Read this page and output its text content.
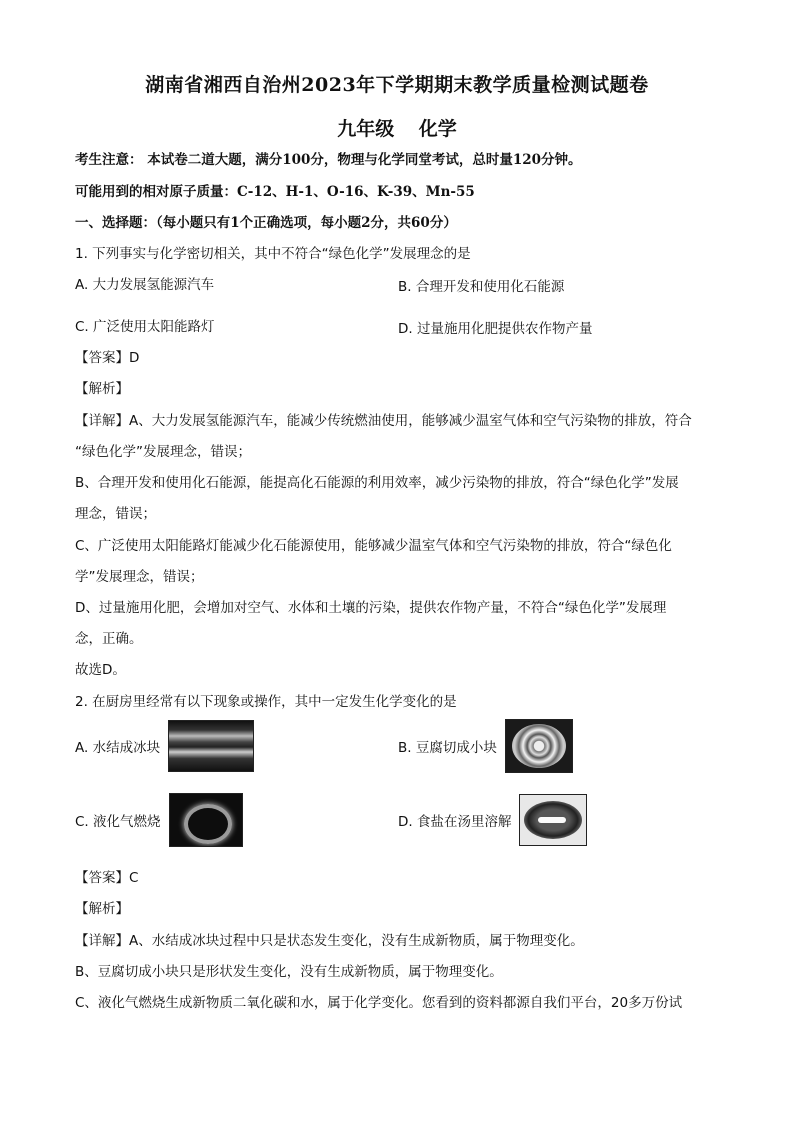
湖南省湘西自治州2023年下学期期末教学质量检测试题卷
九年级 化学
考生注意： 本试卷二道大题，满分100分，物理与化学同堂考试，总时量120分钟。
可能用到的相对原子质量：C-12、H-1、O-16、K-39、Mn-55
一、选择题：（每小题只有1个正确选项，每小题2分，共60分）
1. 下列事实与化学密切相关，其中不符合“绿色化学”发展理念的是
A. 大力发展氢能源汽车	B. 合理开发和使用化石能源
C. 广泛使用太阳能路灯	D. 过量施用化肥提供农作物产量
【答案】D
【解析】
【详解】A、大力发展氢能源汽车，能减少传统燃油使用，能够减少温室气体和空气污染物的排放，符合
“绿色化学”发展理念，错误；
B、合理开发和使用化石能源，能提高化石能源的利用效率，减少污染物的排放，符合“绿色化学”发展
理念，错误；
C、广泛使用太阳能路灯能减少化石能源使用，能够减少温室气体和空气污染物的排放，符合“绿色化
学”发展理念，错误；
D、过量施用化肥，会增加对空气、水体和土壤的污染，提供农作物产量，不符合“绿色化学”发展理
念，正确。
故选D。
2. 在厨房里经常有以下现象或操作，其中一定发生化学变化的是
A. 水结成冰块	B. 豆腐切成小块
C. 液化气燃烧	D. 食盐在汤里溶解
【答案】C
【解析】
【详解】A、水结成冰块过程中只是状态发生变化，没有生成新物质，属于物理变化。
B、豆腐切成小块只是形状发生变化，没有生成新物质，属于物理变化。
C、液化气燃烧生成新物质二氧化碳和水，属于化学变化。您看到的资料都源自我们平台，20多万份试
